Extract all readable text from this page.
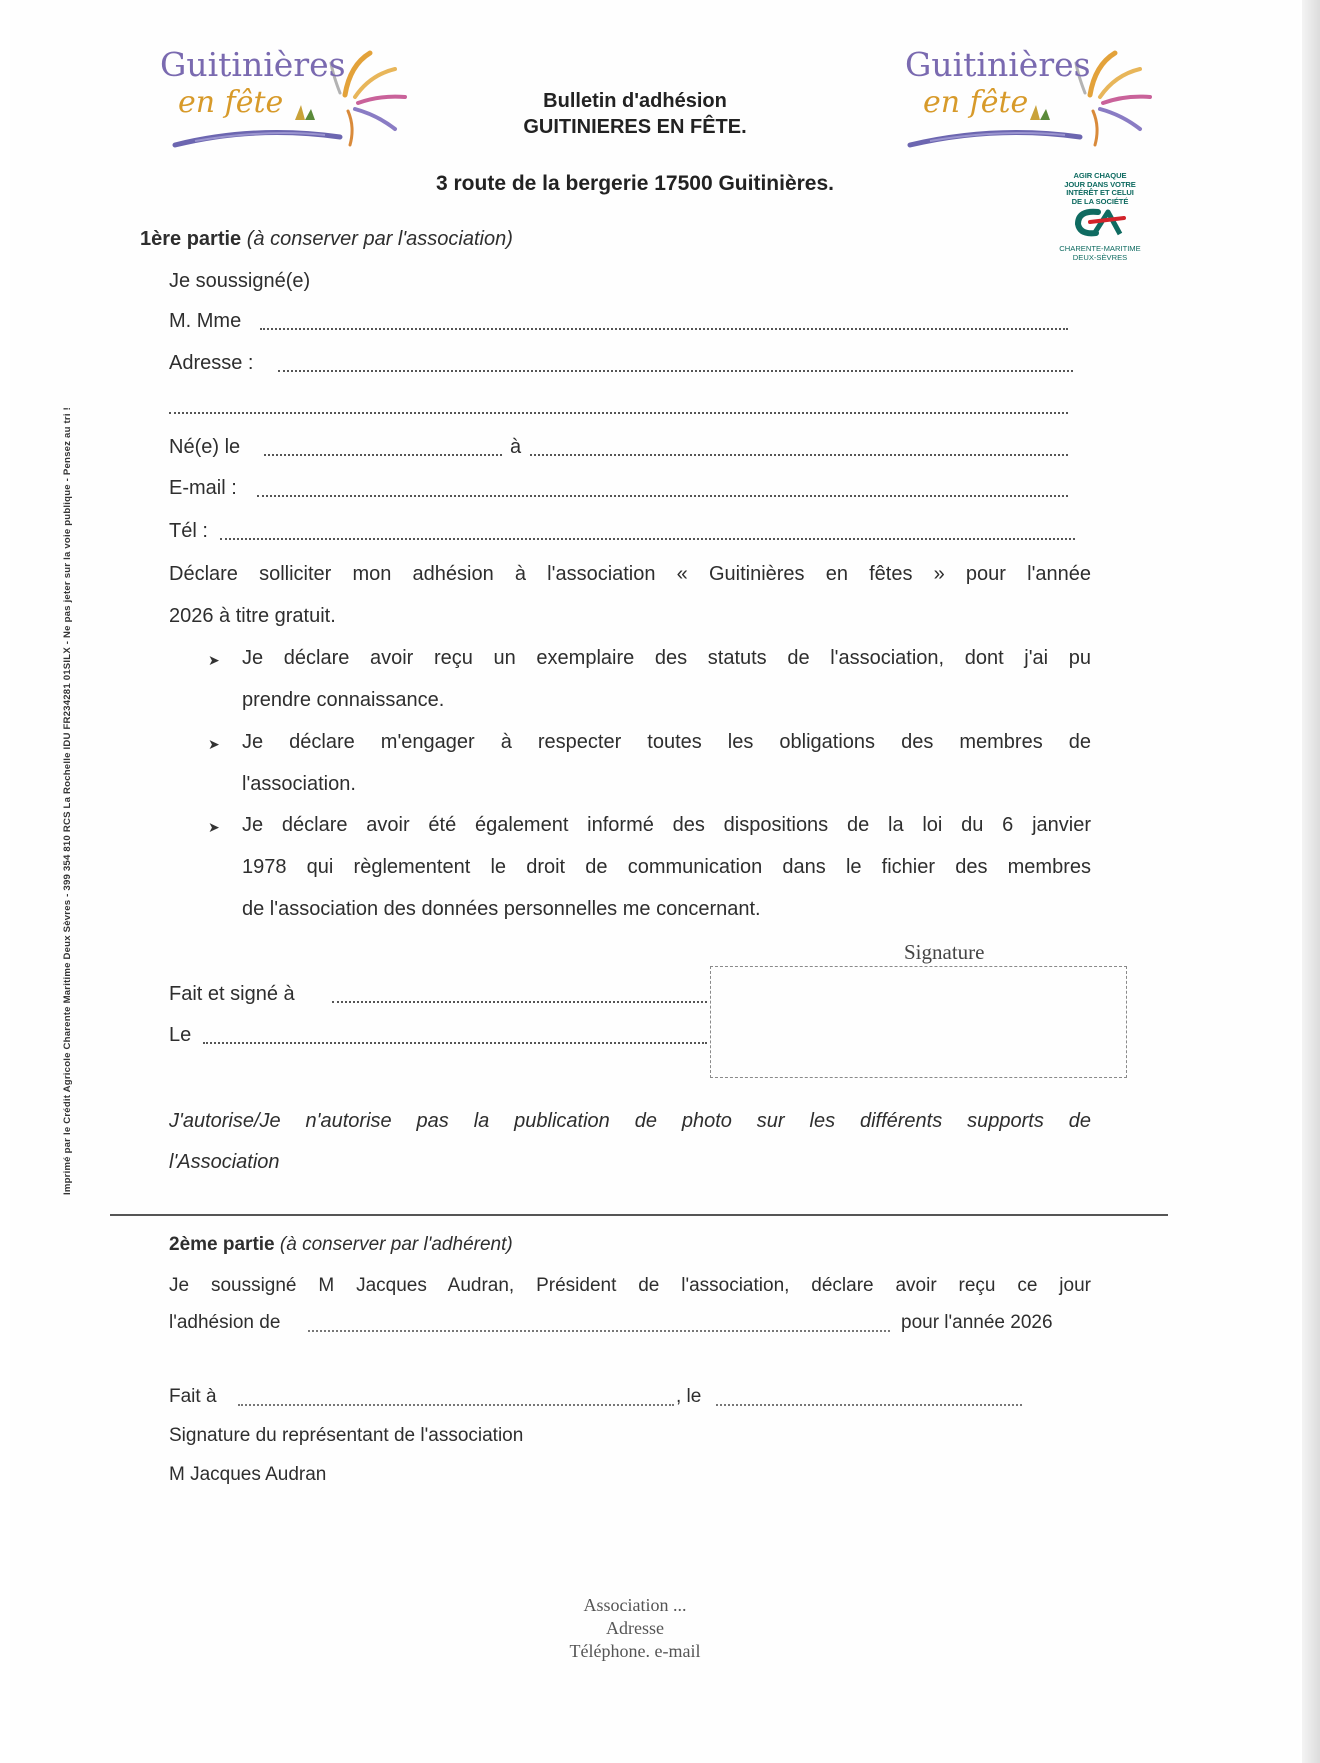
Imprimé par le Crédit Agricole Charente Maritime Deux Sèvres - 399 354 810 RCS La Rochelle IDU FR234281 01SILX - Ne pas jeter sur la voie publique - Pensez au tri !
Guitinières
en fête
Guitinières
en fête
Bulletin d'adhésion
GUITINIERES EN FÊTE.
3 route de la bergerie 17500 Guitinières.	AGIR CHAQUE
JOUR DANS VOTRE
INTÉRÊT ET CELUI
DE LA SOCIÉTÉ
CHARENTE-MARITIME
DEUX-SÈVRES
1ère partie (à conserver par l'association)
Je soussigné(e)
M. Mme
Adresse :
Né(e) le	à
E-mail :
Tél :
Déclare solliciter mon adhésion à l'association « Guitinières en fêtes » pour l'année
2026 à titre gratuit.
➤ Je déclare avoir reçu un exemplaire des statuts de l'association, dont j'ai pu
prendre connaissance.
➤ Je déclare m'engager à respecter toutes les obligations des membres de
l'association.
➤ Je déclare avoir été également informé des dispositions de la loi du 6 janvier
1978 qui règlementent le droit de communication dans le fichier des membres
de l'association des données personnelles me concernant.
Signature
Fait et signé à
Le
J'autorise/Je n'autorise pas la publication de photo sur les différents supports de
l'Association
2ème partie (à conserver par l'adhérent)
Je soussigné M Jacques Audran, Président de l'association, déclare avoir reçu ce jour
l'adhésion de	pour l'année 2026
Fait à	, le
Signature du représentant de l'association
M Jacques Audran
Association ...
Adresse
Téléphone. e-mail
